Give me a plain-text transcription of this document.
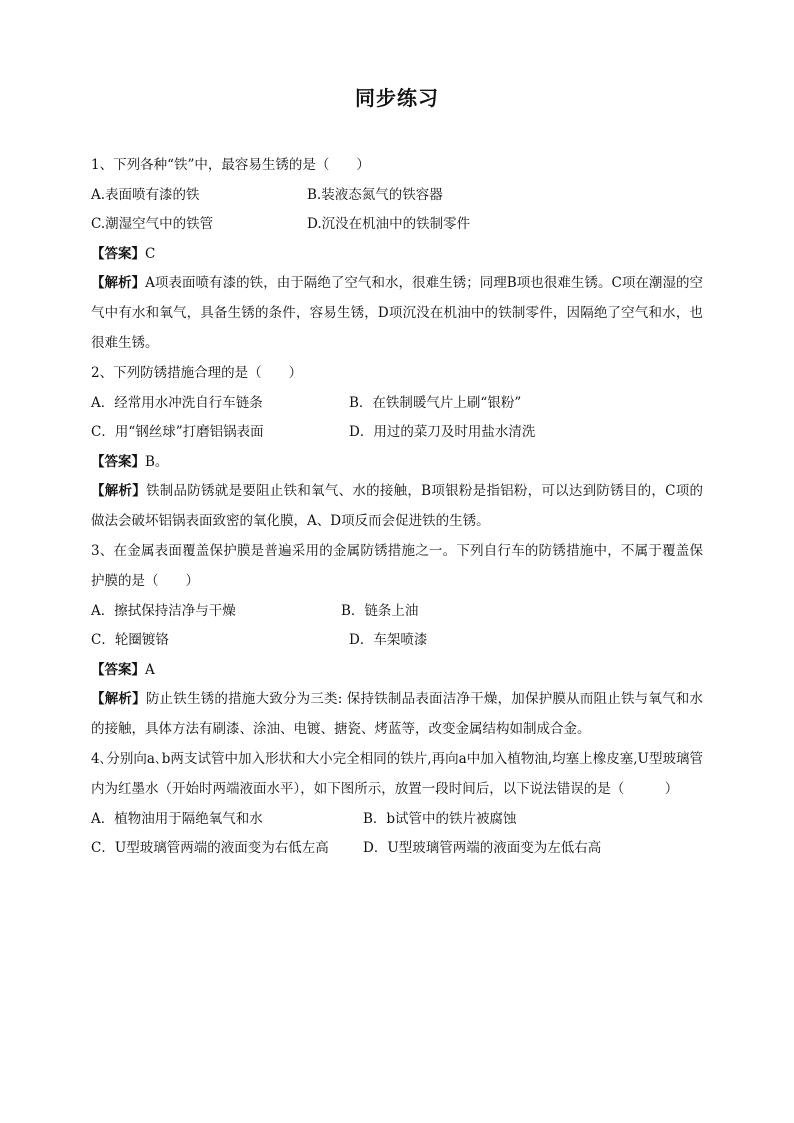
同步练习
1、下列各种“铁”中，最容易生锈的是（　　）
A.表面喷有漆的铁	B.装液态氮气的铁容器
C.潮湿空气中的铁管	D.沉没在机油中的铁制零件
【答案】C
【解析】A项表面喷有漆的铁，由于隔绝了空气和水，很难生锈；同理B项也很难生锈。C项在潮湿的空气中有水和氧气，具备生锈的条件，容易生锈，D项沉没在机油中的铁制零件，因隔绝了空气和水，也很难生锈。
2、下列防锈措施合理的是（　　）
A．经常用水冲洗自行车链条	B．在铁制暖气片上刷“银粉”
C．用“钢丝球”打磨铝锅表面	D．用过的菜刀及时用盐水清洗
【答案】B。
【解析】铁制品防锈就是要阻止铁和氧气、水的接触，B项银粉是指铝粉，可以达到防锈目的，C项的做法会破坏铝锅表面致密的氧化膜，A、D项反而会促进铁的生锈。
3、在金属表面覆盖保护膜是普遍采用的金属防锈措施之一。下列自行车的防锈措施中，不属于覆盖保护膜的是（　　）
A．擦拭保持洁净与干燥	B．链条上油
C．轮圈镀铬	D．车架喷漆
【答案】A
【解析】防止铁生锈的措施大致分为三类: 保持铁制品表面洁净干燥，加保护膜从而阻止铁与氧气和水的接触，具体方法有刷漆、涂油、电镀、搪瓷、烤蓝等，改变金属结构如制成合金。
4､分别向a､b两支试管中加入形状和大小完全相同的铁片,再向a中加入植物油,均塞上橡皮塞,U型玻璃管内为红墨水（开始时两端液面水平），如下图所示，放置一段时间后，以下说法错误的是（　　　）
A．植物油用于隔绝氧气和水	B．b试管中的铁片被腐蚀
C．U型玻璃管两端的液面变为右低左高	D．U型玻璃管两端的液面变为左低右高
